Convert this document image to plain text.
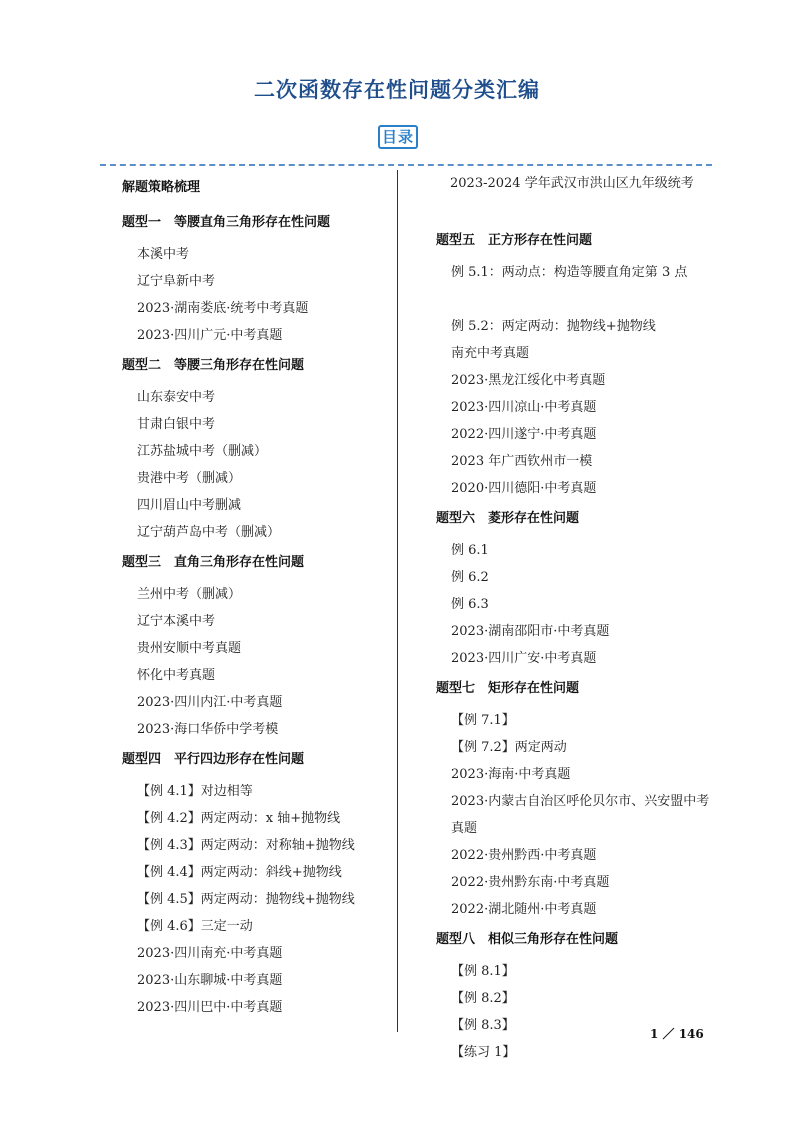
二次函数存在性问题分类汇编
目录
解题策略梳理
题型一　等腰直角三角形存在性问题
本溪中考
辽宁阜新中考
2023·湖南娄底·统考中考真题
2023·四川广元·中考真题
题型二　等腰三角形存在性问题
山东泰安中考
甘肃白银中考
江苏盐城中考（删减）
贵港中考（删减）
四川眉山中考删减
辽宁葫芦岛中考（删减）
题型三　直角三角形存在性问题
兰州中考（删减）
辽宁本溪中考
贵州安顺中考真题
怀化中考真题
2023·四川内江·中考真题
2023·海口华侨中学考模
题型四　平行四边形存在性问题
【例 4.1】对边相等
【例 4.2】两定两动：x 轴+抛物线
【例 4.3】两定两动：对称轴+抛物线
【例 4.4】两定两动：斜线+抛物线
【例 4.5】两定两动：抛物线+抛物线
【例 4.6】三定一动
2023·四川南充·中考真题
2023·山东聊城·中考真题
2023·四川巴中·中考真题
2023-2024 学年武汉市洪山区九年级统考
题型五　正方形存在性问题
例 5.1：两动点：构造等腰直角定第 3 点
例 5.2：两定两动：抛物线+抛物线
南充中考真题
2023·黑龙江绥化中考真题
2023·四川凉山·中考真题
2022·四川遂宁·中考真题
2023 年广西钦州市一模
2020·四川德阳·中考真题
题型六　菱形存在性问题
例 6.1
例 6.2
例 6.3
2023·湖南邵阳市·中考真题
2023·四川广安·中考真题
题型七　矩形存在性问题
【例 7.1】
【例 7.2】两定两动
2023·海南·中考真题
2023·内蒙古自治区呼伦贝尔市、兴安盟中考真题
2022·贵州黔西·中考真题
2022·贵州黔东南·中考真题
2022·湖北随州·中考真题
题型八　相似三角形存在性问题
【例 8.1】
【例 8.2】
【例 8.3】
【练习 1】
1 ／ 146
